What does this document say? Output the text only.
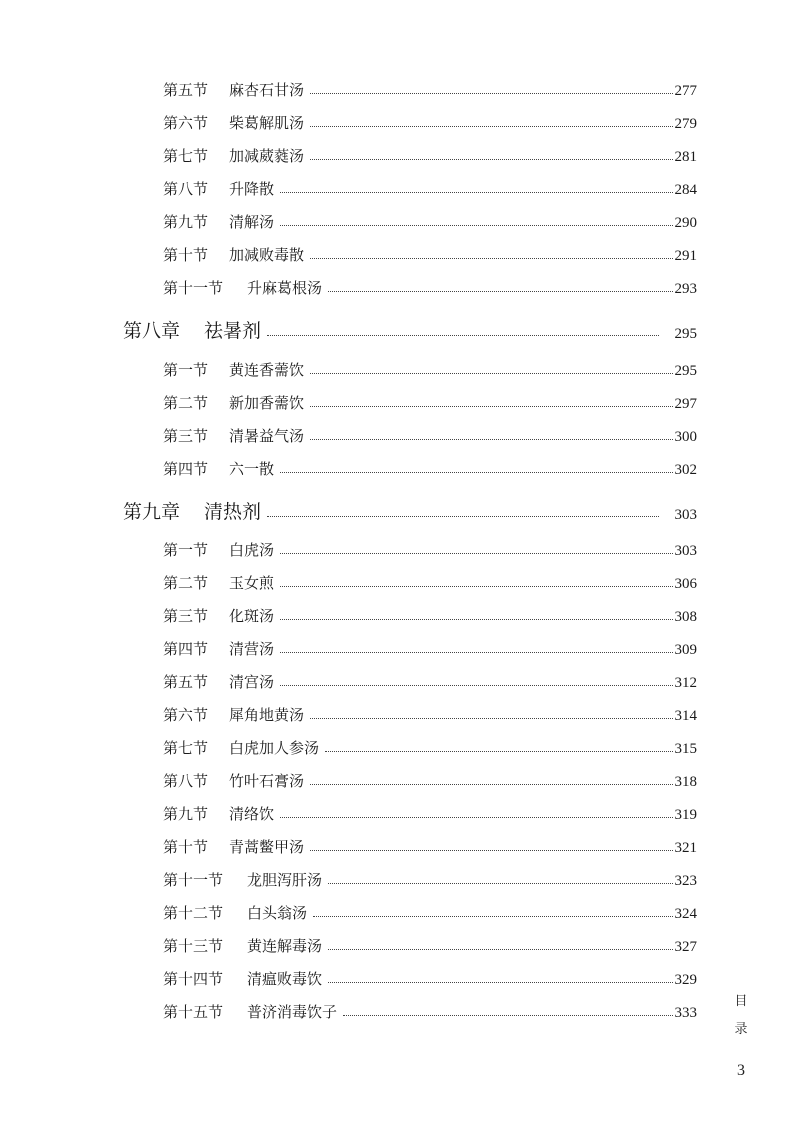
第五节	麻杏石甘汤	277
第六节	柴葛解肌汤	279
第七节	加减葳蕤汤	281
第八节	升降散	284
第九节	清解汤	290
第十节	加减败毒散	291
第十一节	升麻葛根汤	293
第八章	祛暑剂	295
第一节	黄连香薷饮	295
第二节	新加香薷饮	297
第三节	清暑益气汤	300
第四节	六一散	302
第九章	清热剂	303
第一节	白虎汤	303
第二节	玉女煎	306
第三节	化斑汤	308
第四节	清营汤	309
第五节	清宫汤	312
第六节	犀角地黄汤	314
第七节	白虎加人参汤	315
第八节	竹叶石膏汤	318
第九节	清络饮	319
第十节	青蒿鳖甲汤	321
第十一节	龙胆泻肝汤	323
第十二节	白头翁汤	324
第十三节	黄连解毒汤	327
第十四节	清瘟败毒饮	329
第十五节	普济消毒饮子	333
目
录
3
